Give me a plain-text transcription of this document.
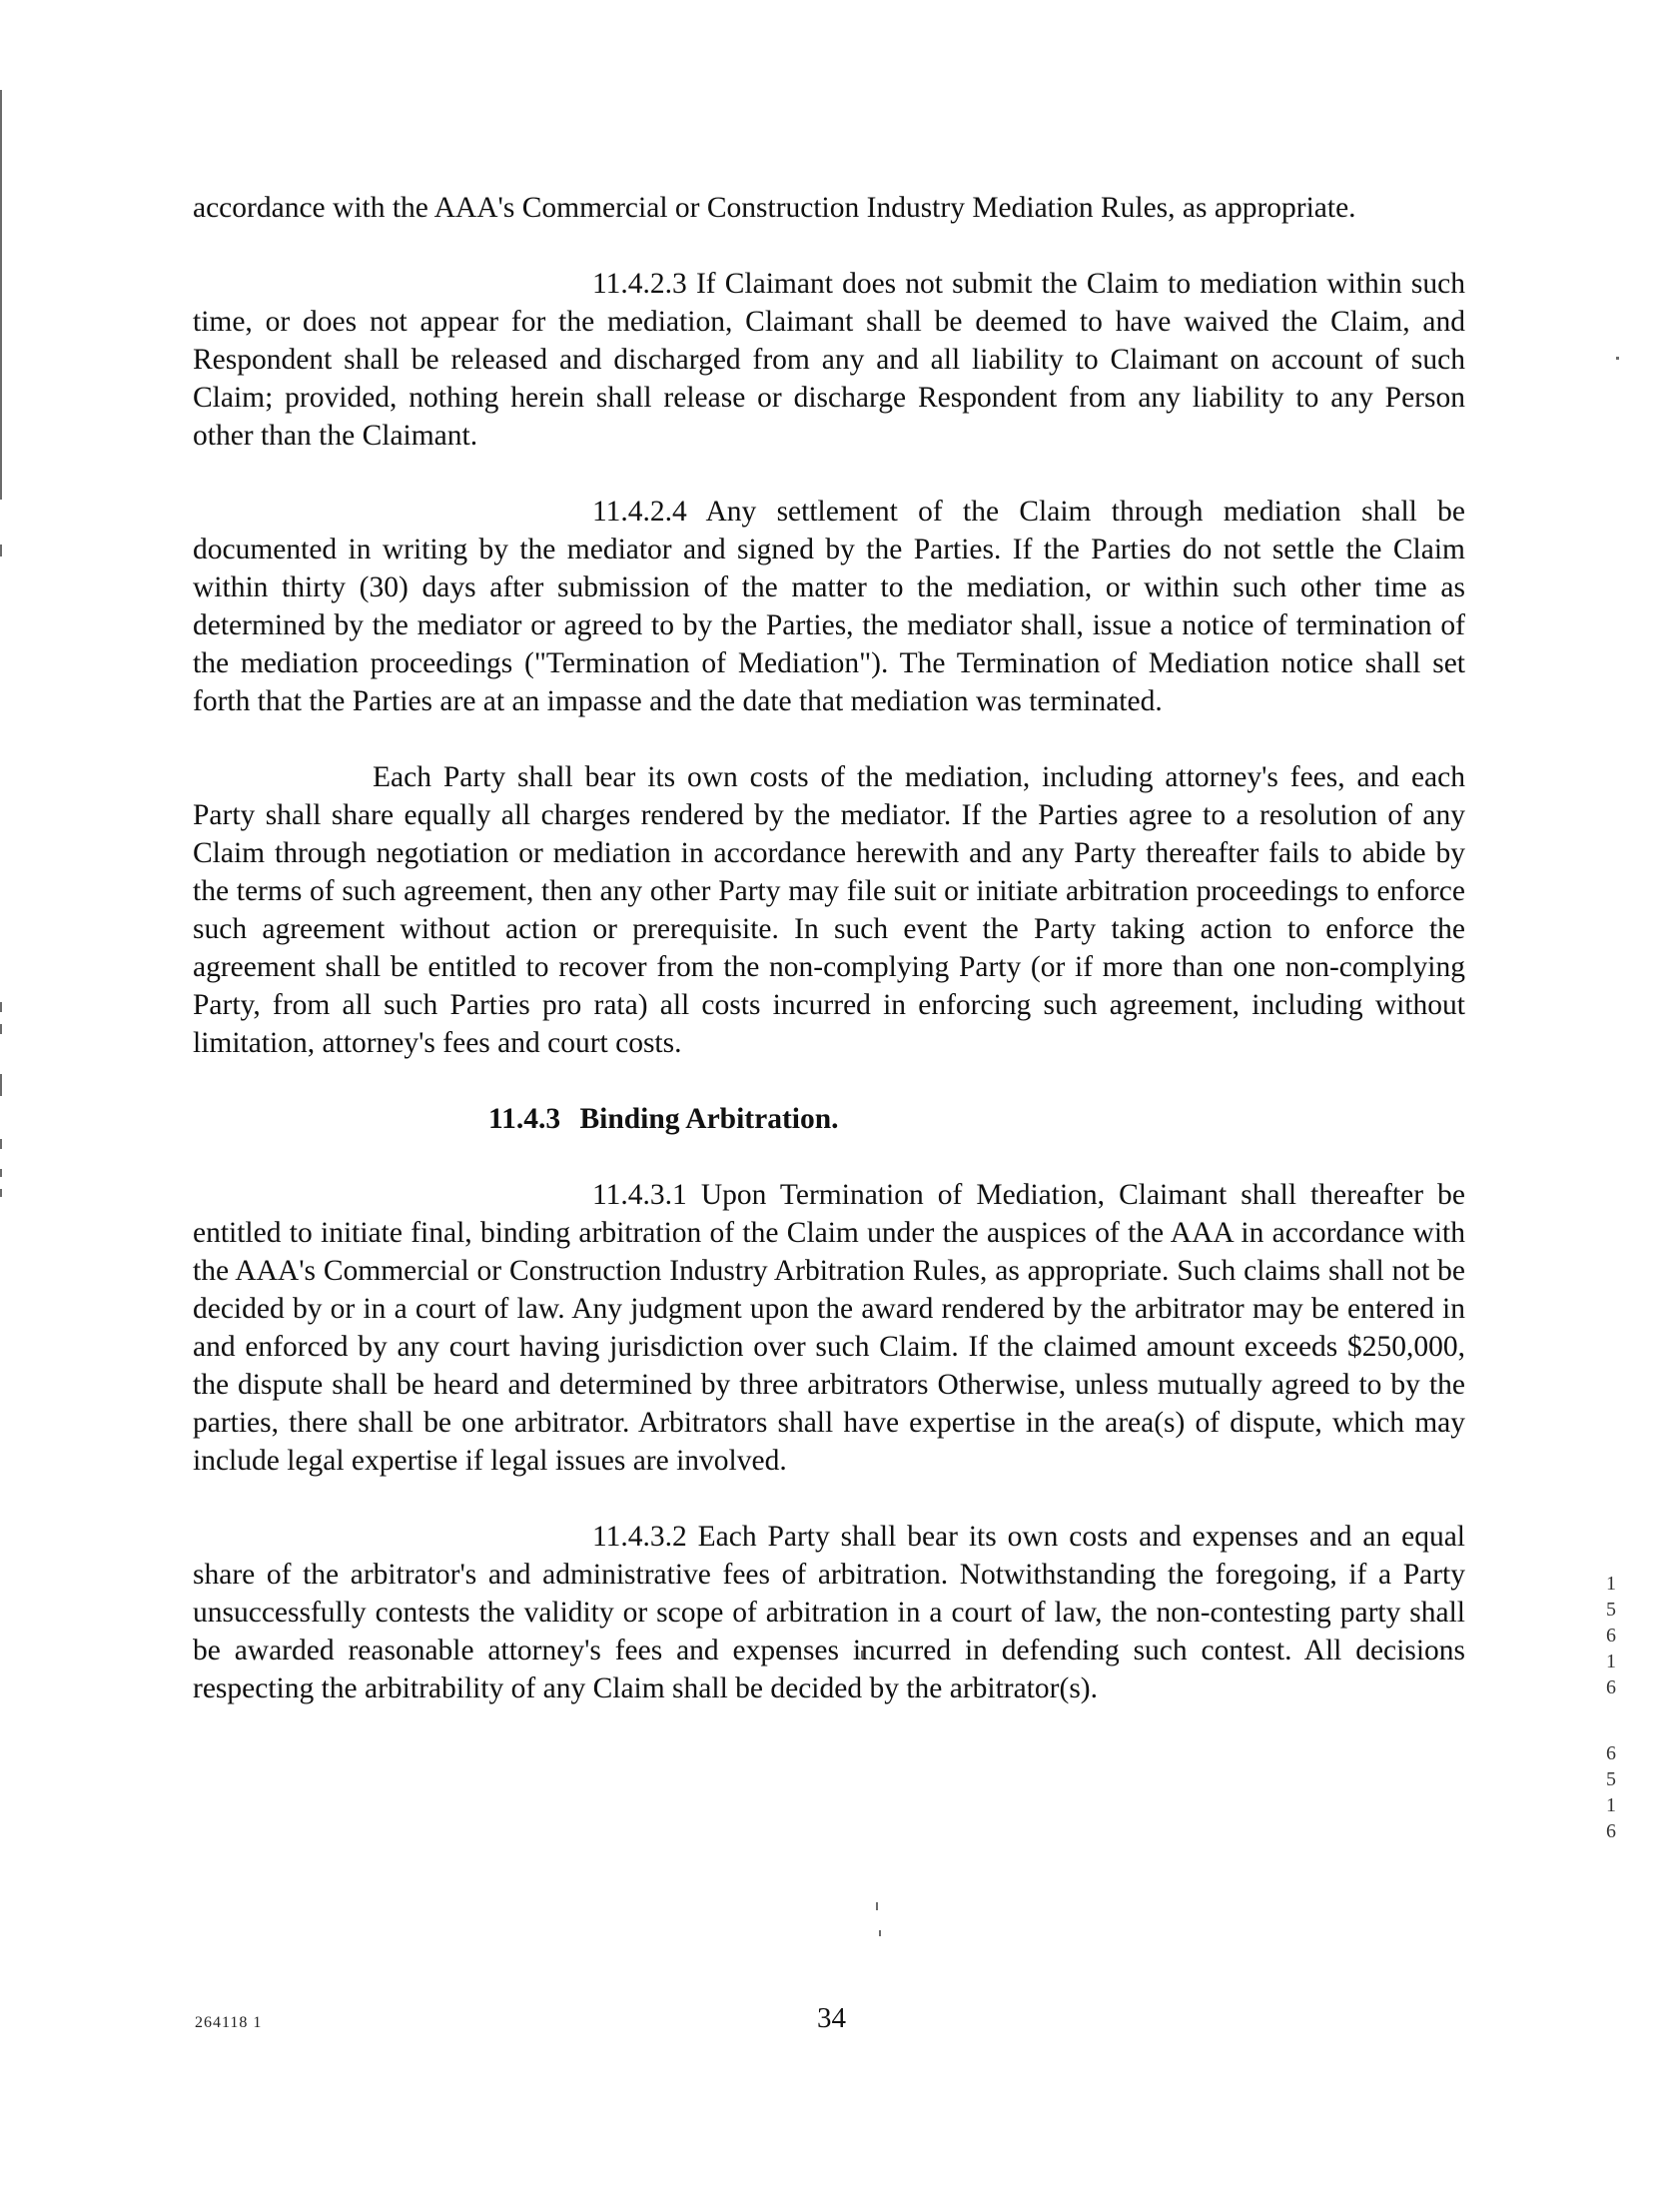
accordance with the AAA's Commercial or Construction Industry Mediation Rules, as appropriate.

11.4.2.3 If Claimant does not submit the Claim to mediation within such time, or does not appear for the mediation, Claimant shall be deemed to have waived the Claim, and Respondent shall be released and discharged from any and all liability to Claimant on account of such Claim; provided, nothing herein shall release or discharge Respondent from any liability to any Person other than the Claimant.

11.4.2.4 Any settlement of the Claim through mediation shall be documented in writing by the mediator and signed by the Parties. If the Parties do not settle the Claim within thirty (30) days after submission of the matter to the mediation, or within such other time as determined by the mediator or agreed to by the Parties, the mediator shall, issue a notice of termination of the mediation proceedings ("Termination of Mediation"). The Termination of Mediation notice shall set forth that the Parties are at an impasse and the date that mediation was terminated.

Each Party shall bear its own costs of the mediation, including attorney's fees, and each Party shall share equally all charges rendered by the mediator. If the Parties agree to a resolution of any Claim through negotiation or mediation in accordance herewith and any Party thereafter fails to abide by the terms of such agreement, then any other Party may file suit or initiate arbitration proceedings to enforce such agreement without action or prerequisite. In such event the Party taking action to enforce the agreement shall be entitled to recover from the non-complying Party (or if more than one non-complying Party, from all such Parties pro rata) all costs incurred in enforcing such agreement, including without limitation, attorney's fees and court costs.

11.4.3 Binding Arbitration.

11.4.3.1 Upon Termination of Mediation, Claimant shall thereafter be entitled to initiate final, binding arbitration of the Claim under the auspices of the AAA in accordance with the AAA's Commercial or Construction Industry Arbitration Rules, as appropriate. Such claims shall not be decided by or in a court of law. Any judgment upon the award rendered by the arbitrator may be entered in and enforced by any court having jurisdiction over such Claim. If the claimed amount exceeds $250,000, the dispute shall be heard and determined by three arbitrators Otherwise, unless mutually agreed to by the parties, there shall be one arbitrator. Arbitrators shall have expertise in the area(s) of dispute, which may include legal expertise if legal issues are involved.

11.4.3.2 Each Party shall bear its own costs and expenses and an equal share of the arbitrator's and administrative fees of arbitration. Notwithstanding the foregoing, if a Party unsuccessfully contests the validity or scope of arbitration in a court of law, the non-contesting party shall be awarded reasonable attorney's fees and expenses incurred in defending such contest. All decisions respecting the arbitrability of any Claim shall be decided by the arbitrator(s).

1
5
6
1
6
6
5
1
6
264118 1	34
